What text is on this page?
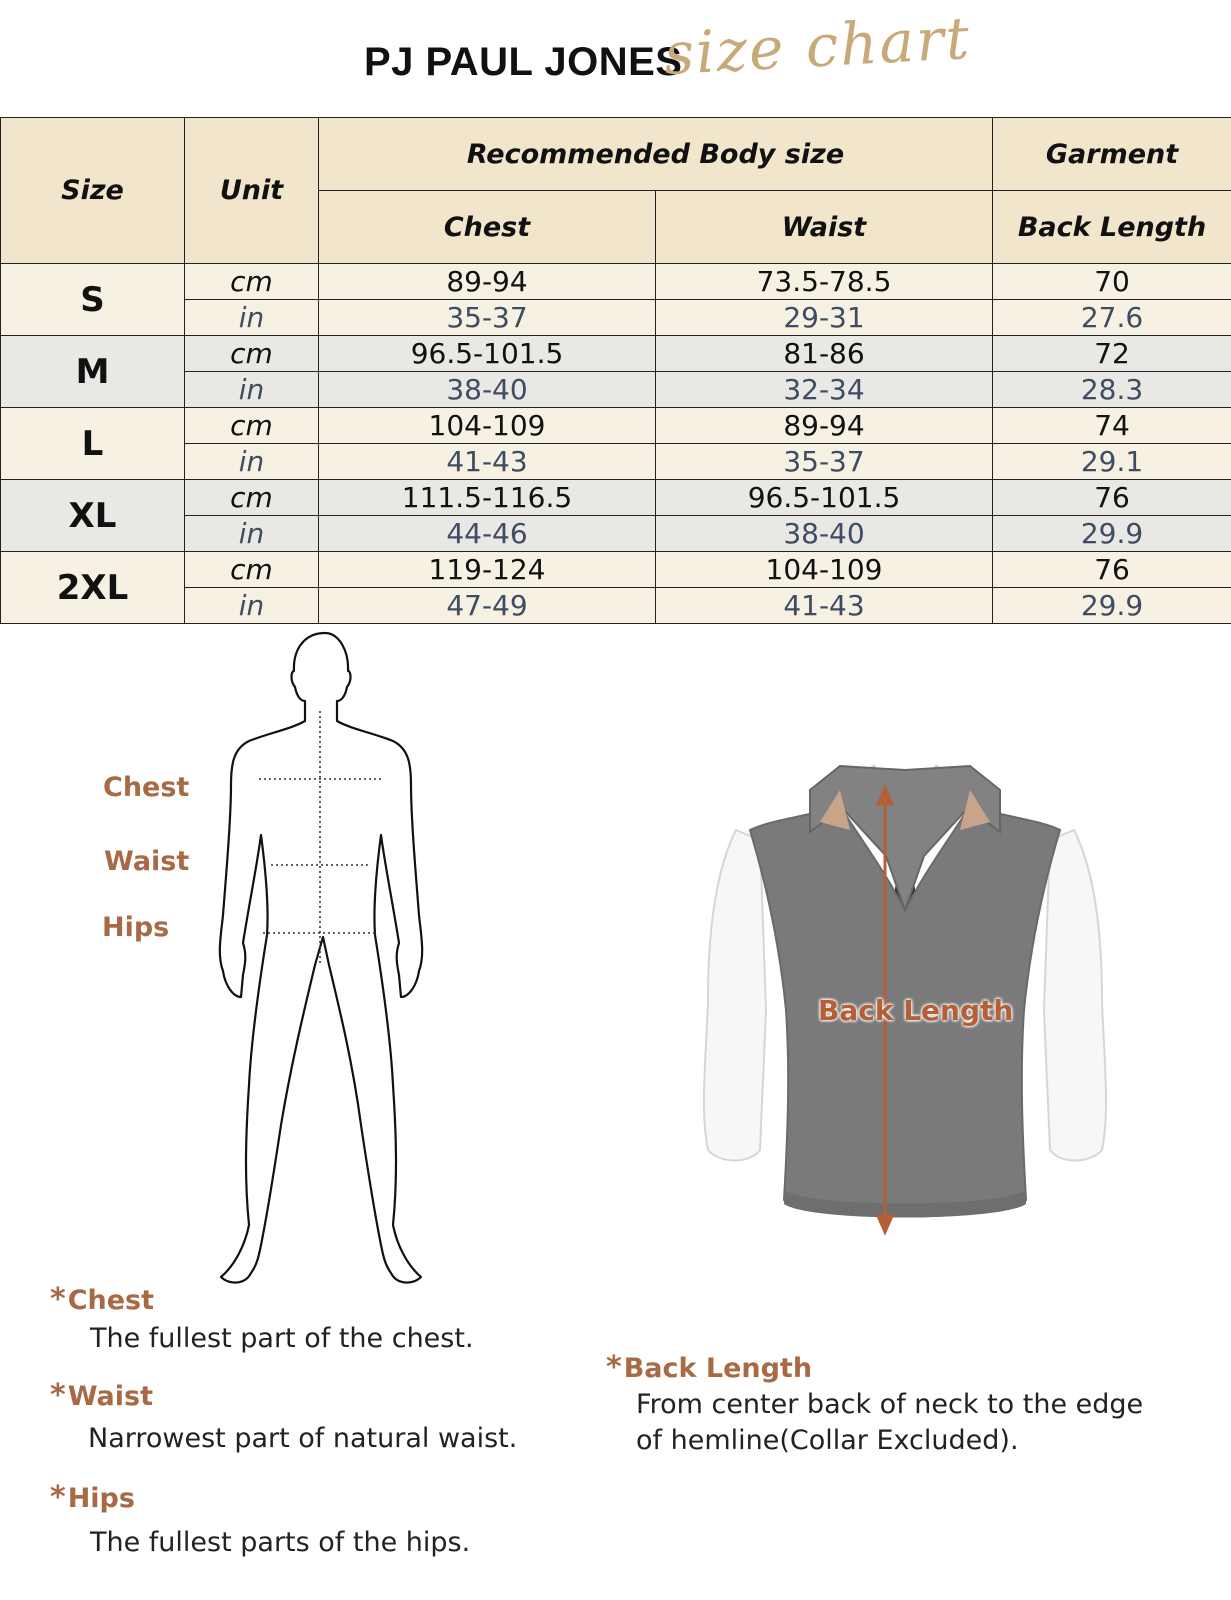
PJ PAUL JONES
size chart
Size	Unit	Recommended Body size		Garment
		Chest	Waist	Back Length
S	cm	89-94	73.5-78.5	70
	in	35-37	29-31	27.6
M	cm	96.5-101.5	81-86	72
	in	38-40	32-34	28.3
L	cm	104-109	89-94	74
	in	41-43	35-37	29.1
XL	cm	111.5-116.5	96.5-101.5	76
	in	44-46	38-40	29.9
2XL	cm	119-124	104-109	76
	in	47-49	41-43	29.9
Chest
Waist
Hips
Back Length
*Chest
The fullest part of the chest.
*Waist
Narrowest part of natural waist.
*Hips
The fullest parts of the hips.
*Back Length
From center back of neck to the edge
of hemline(Collar Excluded).
